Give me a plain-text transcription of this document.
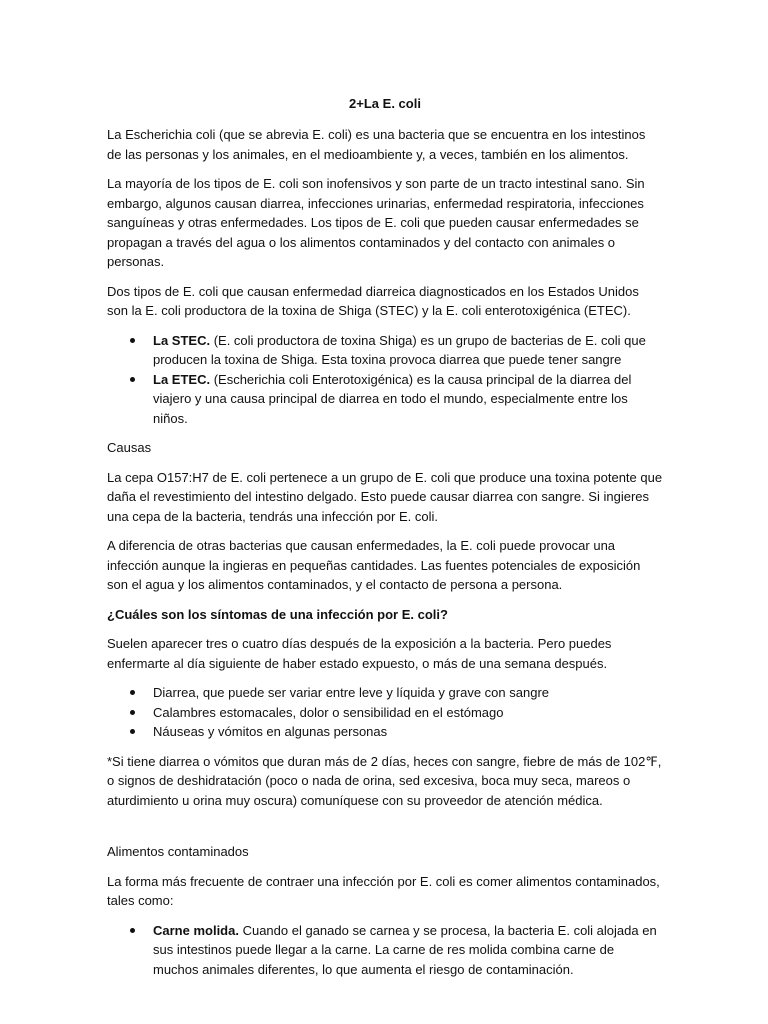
2+La E. coli

La Escherichia coli (que se abrevia E. coli) es una bacteria que se encuentra en los intestinos de las personas y los animales, en el medioambiente y, a veces, también en los alimentos.

La mayoría de los tipos de E. coli son inofensivos y son parte de un tracto intestinal sano. Sin embargo, algunos causan diarrea, infecciones urinarias, enfermedad respiratoria, infecciones sanguíneas y otras enfermedades. Los tipos de E. coli que pueden causar enfermedades se propagan a través del agua o los alimentos contaminados y del contacto con animales o personas.

Dos tipos de E. coli que causan enfermedad diarreica diagnosticados en los Estados Unidos son la E. coli productora de la toxina de Shiga (STEC) y la E. coli enterotoxigénica (ETEC).

La STEC. (E. coli productora de toxina Shiga) es un grupo de bacterias de E. coli que producen la toxina de Shiga. Esta toxina provoca diarrea que puede tener sangre
La ETEC. (Escherichia coli Enterotoxigénica) es la causa principal de la diarrea del viajero y una causa principal de diarrea en todo el mundo, especialmente entre los niños.

Causas

La cepa O157:H7 de E. coli pertenece a un grupo de E. coli que produce una toxina potente que daña el revestimiento del intestino delgado. Esto puede causar diarrea con sangre. Si ingieres una cepa de la bacteria, tendrás una infección por E. coli.

A diferencia de otras bacterias que causan enfermedades, la E. coli puede provocar una infección aunque la ingieras en pequeñas cantidades. Las fuentes potenciales de exposición son el agua y los alimentos contaminados, y el contacto de persona a persona.

¿Cuáles son los síntomas de una infección por E. coli?

Suelen aparecer tres o cuatro días después de la exposición a la bacteria. Pero puedes enfermarte al día siguiente de haber estado expuesto, o más de una semana después.

Diarrea, que puede ser variar entre leve y líquida y grave con sangre
Calambres estomacales, dolor o sensibilidad en el estómago
Náuseas y vómitos en algunas personas

*Si tiene diarrea o vómitos que duran más de 2 días, heces con sangre, fiebre de más de 102℉, o signos de deshidratación (poco o nada de orina, sed excesiva, boca muy seca, mareos o aturdimiento u orina muy oscura) comuníquese con su proveedor de atención médica.

Alimentos contaminados

La forma más frecuente de contraer una infección por E. coli es comer alimentos contaminados, tales como:

Carne molida. Cuando el ganado se carnea y se procesa, la bacteria E. coli alojada en sus intestinos puede llegar a la carne. La carne de res molida combina carne de muchos animales diferentes, lo que aumenta el riesgo de contaminación.
